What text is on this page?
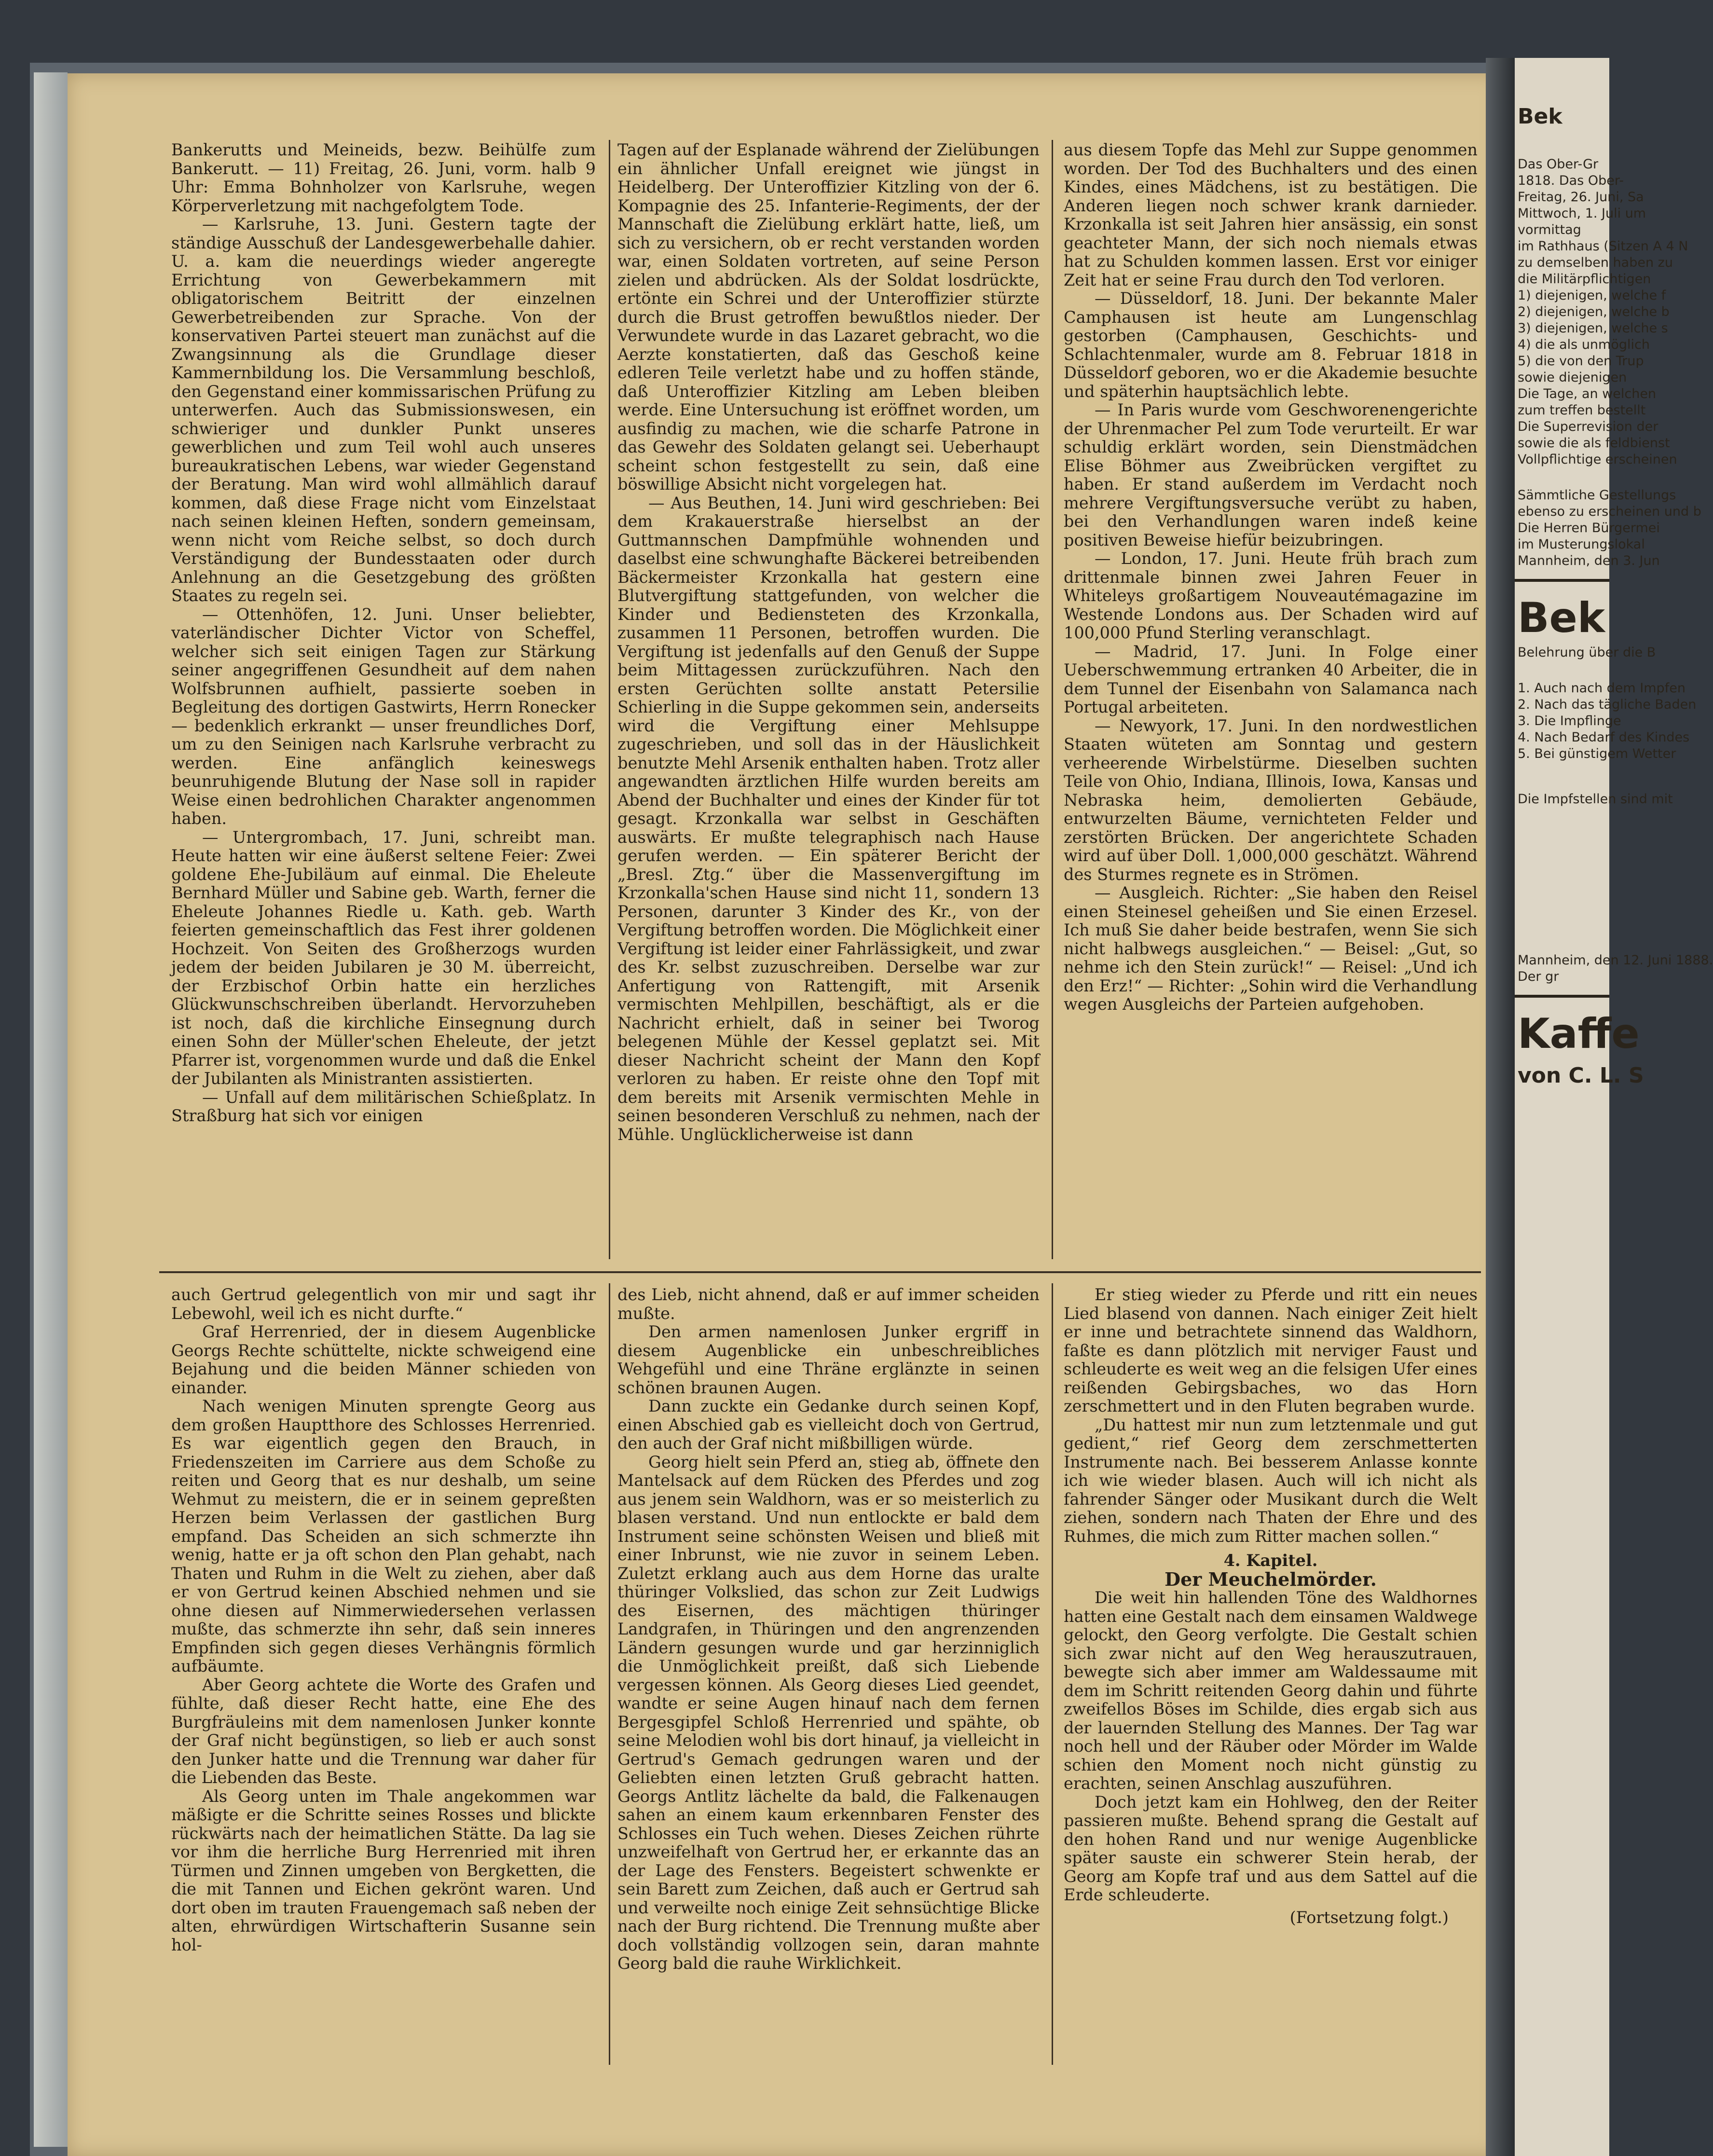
Bek
Das Ober-Gr
1818. Das Ober-
Freitag, 26. Juni, Sa
Mittwoch, 1. Juli um
vormittag
im Rathhaus (Sitzen A 4 N
zu demselben haben zu
die Militärpflichtigen
1) diejenigen, welche f
2) diejenigen, welche b
3) diejenigen, welche s
4) die als unmöglich
5) die von den Trup
sowie diejenigen
Die Tage, an welchen
zum treffen bestellt
Die Superrevision der
sowie die als feldbienst
Vollpflichtige erscheinen
Sämmtliche Gestellungs
ebenso zu erscheinen und b
Die Herren Bürgermei
im Musterungslokal
Mannheim, den 3. Jun
Bek
Belehrung über die B
1. Auch nach dem Impfen
2. Nach das tägliche Baden
3. Die Impflinge
4. Nach Bedarf des Kindes
5. Bei günstigem Wetter
Die Impfstellen sind mit
Mannheim, den 12. Juni 1888.
Der gr
Kaffe
von C. L. S

Bankerutts und Meineids, bezw. Beihülfe zum Bankerutt. — 11) Freitag, 26. Juni, vorm. halb 9 Uhr: Emma Bohnholzer von Karlsruhe, wegen Körperverletzung mit nachgefolgtem Tode.

— Karlsruhe, 13. Juni. Gestern tagte der ständige Ausschuß der Landesgewerbehalle dahier. U. a. kam die neuerdings wieder angeregte Errichtung von Gewerbekammern mit obligatorischem Beitritt der einzelnen Gewerbetreibenden zur Sprache. Von der konservativen Partei steuert man zunächst auf die Zwangsinnung als die Grundlage dieser Kammernbildung los. Die Versammlung beschloß, den Gegenstand einer kommissarischen Prüfung zu unterwerfen. Auch das Submissionswesen, ein schwieriger und dunkler Punkt unseres gewerblichen und zum Teil wohl auch unseres bureaukratischen Lebens, war wieder Gegenstand der Beratung. Man wird wohl allmählich darauf kommen, daß diese Frage nicht vom Einzelstaat nach seinen kleinen Heften, sondern gemeinsam, wenn nicht vom Reiche selbst, so doch durch Verständigung der Bundesstaaten oder durch Anlehnung an die Gesetzgebung des größten Staates zu regeln sei.

— Ottenhöfen, 12. Juni. Unser beliebter, vaterländischer Dichter Victor von Scheffel, welcher sich seit einigen Tagen zur Stärkung seiner angegriffenen Gesundheit auf dem nahen Wolfsbrunnen aufhielt, passierte soeben in Begleitung des dortigen Gastwirts, Herrn Ronecker — bedenklich erkrankt — unser freundliches Dorf, um zu den Seinigen nach Karlsruhe verbracht zu werden. Eine anfänglich keineswegs beunruhigende Blutung der Nase soll in rapider Weise einen bedrohlichen Charakter angenommen haben.

— Untergrombach, 17. Juni, schreibt man. Heute hatten wir eine äußerst seltene Feier: Zwei goldene Ehe-Jubiläum auf einmal. Die Eheleute Bernhard Müller und Sabine geb. Warth, ferner die Eheleute Johannes Riedle u. Kath. geb. Warth feierten gemeinschaftlich das Fest ihrer goldenen Hochzeit. Von Seiten des Großherzogs wurden jedem der beiden Jubilaren je 30 M. überreicht, der Erzbischof Orbin hatte ein herzliches Glückwunschschreiben überlandt. Hervorzuheben ist noch, daß die kirchliche Einsegnung durch einen Sohn der Müller'schen Eheleute, der jetzt Pfarrer ist, vorgenommen wurde und daß die Enkel der Jubilanten als Ministranten assistierten.

— Unfall auf dem militärischen Schießplatz. In Straßburg hat sich vor einigen

Tagen auf der Esplanade während der Zielübungen ein ähnlicher Unfall ereignet wie jüngst in Heidelberg. Der Unteroffizier Kitzling von der 6. Kompagnie des 25. Infanterie-Regiments, der der Mannschaft die Zielübung erklärt hatte, ließ, um sich zu versichern, ob er recht verstanden worden war, einen Soldaten vortreten, auf seine Person zielen und abdrücken. Als der Soldat losdrückte, ertönte ein Schrei und der Unteroffizier stürzte durch die Brust getroffen bewußtlos nieder. Der Verwundete wurde in das Lazaret gebracht, wo die Aerzte konstatierten, daß das Geschoß keine edleren Teile verletzt habe und zu hoffen stände, daß Unteroffizier Kitzling am Leben bleiben werde. Eine Untersuchung ist eröffnet worden, um ausfindig zu machen, wie die scharfe Patrone in das Gewehr des Soldaten gelangt sei. Ueberhaupt scheint schon festgestellt zu sein, daß eine böswillige Absicht nicht vorgelegen hat.

— Aus Beuthen, 14. Juni wird geschrieben: Bei dem Krakauerstraße hierselbst an der Guttmannschen Dampfmühle wohnenden und daselbst eine schwunghafte Bäckerei betreibenden Bäckermeister Krzonkalla hat gestern eine Blutvergiftung stattgefunden, von welcher die Kinder und Bediensteten des Krzonkalla, zusammen 11 Personen, betroffen wurden. Die Vergiftung ist jedenfalls auf den Genuß der Suppe beim Mittagessen zurückzuführen. Nach den ersten Gerüchten sollte anstatt Petersilie Schierling in die Suppe gekommen sein, anderseits wird die Vergiftung einer Mehlsuppe zugeschrieben, und soll das in der Häuslichkeit benutzte Mehl Arsenik enthalten haben. Trotz aller angewandten ärztlichen Hilfe wurden bereits am Abend der Buchhalter und eines der Kinder für tot gesagt. Krzonkalla war selbst in Geschäften auswärts. Er mußte telegraphisch nach Hause gerufen werden. — Ein späterer Bericht der „Bresl. Ztg.“ über die Massenvergiftung im Krzonkalla'schen Hause sind nicht 11, sondern 13 Personen, darunter 3 Kinder des Kr., von der Vergiftung betroffen worden. Die Möglichkeit einer Vergiftung ist leider einer Fahrlässigkeit, und zwar des Kr. selbst zuzuschreiben. Derselbe war zur Anfertigung von Rattengift, mit Arsenik vermischten Mehlpillen, beschäftigt, als er die Nachricht erhielt, daß in seiner bei Tworog belegenen Mühle der Kessel geplatzt sei. Mit dieser Nachricht scheint der Mann den Kopf verloren zu haben. Er reiste ohne den Topf mit dem bereits mit Arsenik vermischten Mehle in seinen besonderen Verschluß zu nehmen, nach der Mühle. Unglücklicherweise ist dann

aus diesem Topfe das Mehl zur Suppe genommen worden. Der Tod des Buchhalters und des einen Kindes, eines Mädchens, ist zu bestätigen. Die Anderen liegen noch schwer krank darnieder. Krzonkalla ist seit Jahren hier ansässig, ein sonst geachteter Mann, der sich noch niemals etwas hat zu Schulden kommen lassen. Erst vor einiger Zeit hat er seine Frau durch den Tod verloren.

— Düsseldorf, 18. Juni. Der bekannte Maler Camphausen ist heute am Lungenschlag gestorben (Camphausen, Geschichts- und Schlachtenmaler, wurde am 8. Februar 1818 in Düsseldorf geboren, wo er die Akademie besuchte und späterhin hauptsächlich lebte.

— In Paris wurde vom Geschworenengerichte der Uhrenmacher Pel zum Tode verurteilt. Er war schuldig erklärt worden, sein Dienstmädchen Elise Böhmer aus Zweibrücken vergiftet zu haben. Er stand außerdem im Verdacht noch mehrere Vergiftungsversuche verübt zu haben, bei den Verhandlungen waren indeß keine positiven Beweise hiefür beizubringen.

— London, 17. Juni. Heute früh brach zum drittenmale binnen zwei Jahren Feuer in Whiteleys großartigem Nouveautémagazine im Westende Londons aus. Der Schaden wird auf 100,000 Pfund Sterling veranschlagt.

— Madrid, 17. Juni. In Folge einer Ueberschwemmung ertranken 40 Arbeiter, die in dem Tunnel der Eisenbahn von Salamanca nach Portugal arbeiteten.

— Newyork, 17. Juni. In den nordwestlichen Staaten wüteten am Sonntag und gestern verheerende Wirbelstürme. Dieselben suchten Teile von Ohio, Indiana, Illinois, Iowa, Kansas und Nebraska heim, demolierten Gebäude, entwurzelten Bäume, vernichteten Felder und zerstörten Brücken. Der angerichtete Schaden wird auf über Doll. 1,000,000 geschätzt. Während des Sturmes regnete es in Strömen.

— Ausgleich. Richter: „Sie haben den Reisel einen Steinesel geheißen und Sie einen Erzesel. Ich muß Sie daher beide bestrafen, wenn Sie sich nicht halbwegs ausgleichen.“ — Beisel: „Gut, so nehme ich den Stein zurück!“ — Reisel: „Und ich den Erz!“ — Richter: „Sohin wird die Verhandlung wegen Ausgleichs der Parteien aufgehoben.

auch Gertrud gelegentlich von mir und sagt ihr Lebewohl, weil ich es nicht durfte.“

Graf Herrenried, der in diesem Augenblicke Georgs Rechte schüttelte, nickte schweigend eine Bejahung und die beiden Männer schieden von einander.

Nach wenigen Minuten sprengte Georg aus dem großen Hauptthore des Schlosses Herrenried. Es war eigentlich gegen den Brauch, in Friedenszeiten im Carriere aus dem Schoße zu reiten und Georg that es nur deshalb, um seine Wehmut zu meistern, die er in seinem gepreßten Herzen beim Verlassen der gastlichen Burg empfand. Das Scheiden an sich schmerzte ihn wenig, hatte er ja oft schon den Plan gehabt, nach Thaten und Ruhm in die Welt zu ziehen, aber daß er von Gertrud keinen Abschied nehmen und sie ohne diesen auf Nimmerwiedersehen verlassen mußte, das schmerzte ihn sehr, daß sein inneres Empfinden sich gegen dieses Verhängnis förmlich aufbäumte.

Aber Georg achtete die Worte des Grafen und fühlte, daß dieser Recht hatte, eine Ehe des Burgfräuleins mit dem namenlosen Junker konnte der Graf nicht begünstigen, so lieb er auch sonst den Junker hatte und die Trennung war daher für die Liebenden das Beste.

Als Georg unten im Thale angekommen war mäßigte er die Schritte seines Rosses und blickte rückwärts nach der heimatlichen Stätte. Da lag sie vor ihm die herrliche Burg Herrenried mit ihren Türmen und Zinnen umgeben von Bergketten, die die mit Tannen und Eichen gekrönt waren. Und dort oben im trauten Frauengemach saß neben der alten, ehrwürdigen Wirtschafterin Susanne sein hol-

des Lieb, nicht ahnend, daß er auf immer scheiden mußte.

Den armen namenlosen Junker ergriff in diesem Augenblicke ein unbeschreibliches Wehgefühl und eine Thräne erglänzte in seinen schönen braunen Augen.

Dann zuckte ein Gedanke durch seinen Kopf, einen Abschied gab es vielleicht doch von Gertrud, den auch der Graf nicht mißbilligen würde.

Georg hielt sein Pferd an, stieg ab, öffnete den Mantelsack auf dem Rücken des Pferdes und zog aus jenem sein Waldhorn, was er so meisterlich zu blasen verstand. Und nun entlockte er bald dem Instrument seine schönsten Weisen und bließ mit einer Inbrunst, wie nie zuvor in seinem Leben. Zuletzt erklang auch aus dem Horne das uralte thüringer Volkslied, das schon zur Zeit Ludwigs des Eisernen, des mächtigen thüringer Landgrafen, in Thüringen und den angrenzenden Ländern gesungen wurde und gar herzinniglich die Unmöglichkeit preißt, daß sich Liebende vergessen können. Als Georg dieses Lied geendet, wandte er seine Augen hinauf nach dem fernen Bergesgipfel Schloß Herrenried und spähte, ob seine Melodien wohl bis dort hinauf, ja vielleicht in Gertrud's Gemach gedrungen waren und der Geliebten einen letzten Gruß gebracht hatten. Georgs Antlitz lächelte da bald, die Falkenaugen sahen an einem kaum erkennbaren Fenster des Schlosses ein Tuch wehen. Dieses Zeichen rührte unzweifelhaft von Gertrud her, er erkannte das an der Lage des Fensters. Begeistert schwenkte er sein Barett zum Zeichen, daß auch er Gertrud sah und verweilte noch einige Zeit sehnsüchtige Blicke nach der Burg richtend. Die Trennung mußte aber doch vollständig vollzogen sein, daran mahnte Georg bald die rauhe Wirklichkeit.

Er stieg wieder zu Pferde und ritt ein neues Lied blasend von dannen. Nach einiger Zeit hielt er inne und betrachtete sinnend das Waldhorn, faßte es dann plötzlich mit nerviger Faust und schleuderte es weit weg an die felsigen Ufer eines reißenden Gebirgsbaches, wo das Horn zerschmettert und in den Fluten begraben wurde.

„Du hattest mir nun zum letztenmale und gut gedient,“ rief Georg dem zerschmetterten Instrumente nach. Bei besserem Anlasse konnte ich wie wieder blasen. Auch will ich nicht als fahrender Sänger oder Musikant durch die Welt ziehen, sondern nach Thaten der Ehre und des Ruhmes, die mich zum Ritter machen sollen.“

4. Kapitel.

Der Meuchelmörder.

Die weit hin hallenden Töne des Waldhornes hatten eine Gestalt nach dem einsamen Waldwege gelockt, den Georg verfolgte. Die Gestalt schien sich zwar nicht auf den Weg herauszutrauen, bewegte sich aber immer am Waldessaume mit dem im Schritt reitenden Georg dahin und führte zweifellos Böses im Schilde, dies ergab sich aus der lauernden Stellung des Mannes. Der Tag war noch hell und der Räuber oder Mörder im Walde schien den Moment noch nicht günstig zu erachten, seinen Anschlag auszuführen.

Doch jetzt kam ein Hohlweg, den der Reiter passieren mußte. Behend sprang die Gestalt auf den hohen Rand und nur wenige Augenblicke später sauste ein schwerer Stein herab, der Georg am Kopfe traf und aus dem Sattel auf die Erde schleuderte.

(Fortsetzung folgt.)
